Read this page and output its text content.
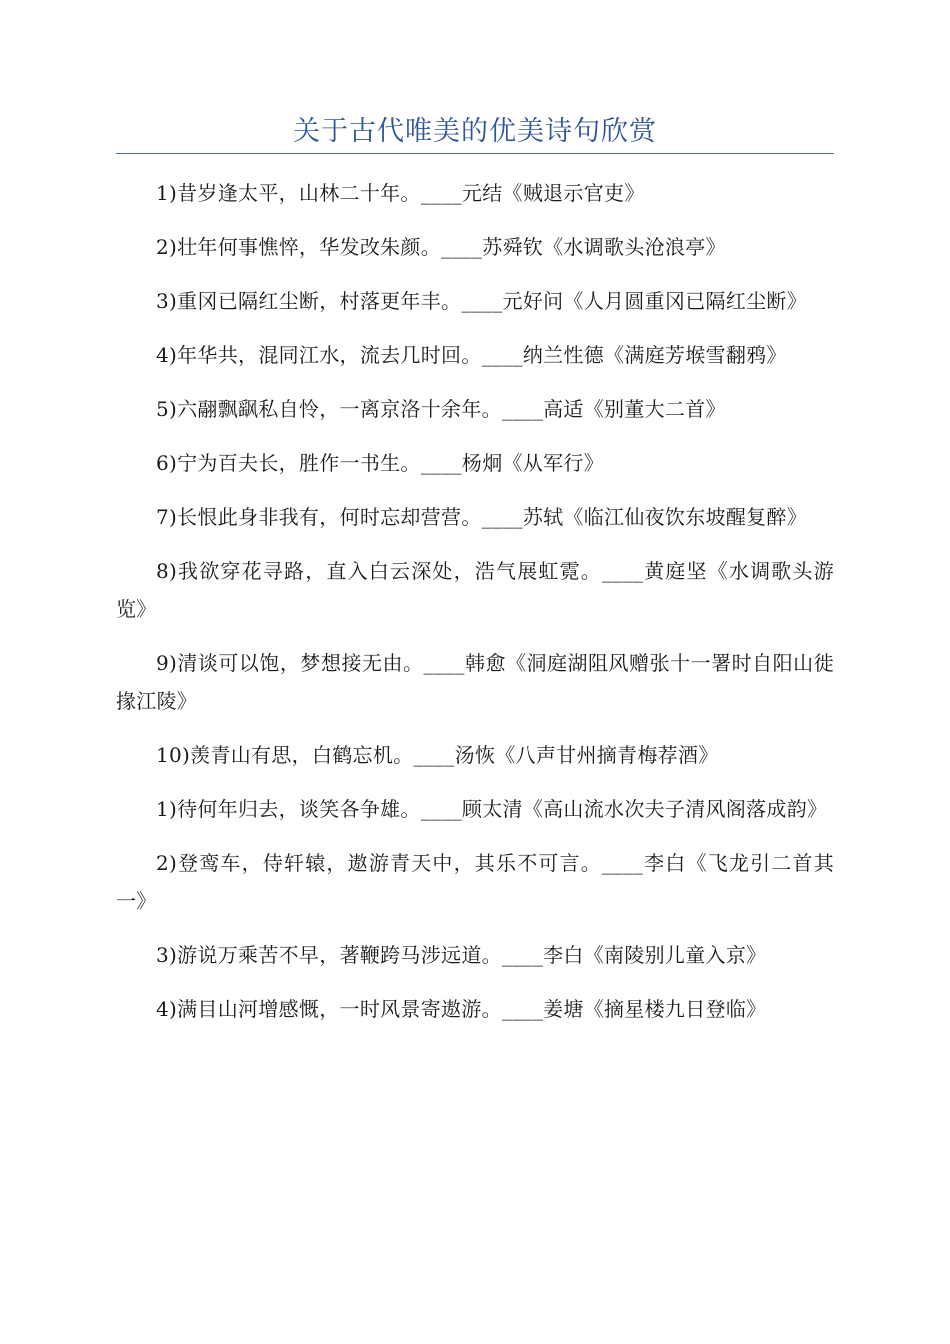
关于古代唯美的优美诗句欣赏

1)昔岁逢太平，山林二十年。____元结《贼退示官吏》

2)壮年何事憔悴，华发改朱颜。____苏舜钦《水调歌头沧浪亭》

3)重冈已隔红尘断，村落更年丰。____元好问《人月圆重冈已隔红尘断》

4)年华共，混同江水，流去几时回。____纳兰性德《满庭芳堠雪翻鸦》

5)六翮飘飖私自怜，一离京洛十余年。____高适《别董大二首》

6)宁为百夫长，胜作一书生。____杨炯《从军行》

7)长恨此身非我有，何时忘却营营。____苏轼《临江仙夜饮东坡醒复醉》

8)我欲穿花寻路，直入白云深处，浩气展虹霓。____黄庭坚《水调歌头游览》

9)清谈可以饱，梦想接无由。____韩愈《洞庭湖阻风赠张十一署时自阳山徙掾江陵》

10)羡青山有思，白鹤忘机。____汤恢《八声甘州摘青梅荐酒》

1)待何年归去，谈笑各争雄。____顾太清《高山流水次夫子清风阁落成韵》

2)登鸾车，侍轩辕，遨游青天中，其乐不可言。____李白《飞龙引二首其一》

3)游说万乘苦不早，著鞭跨马涉远道。____李白《南陵别儿童入京》

4)满目山河增感慨，一时风景寄遨游。____姜塘《摘星楼九日登临》
